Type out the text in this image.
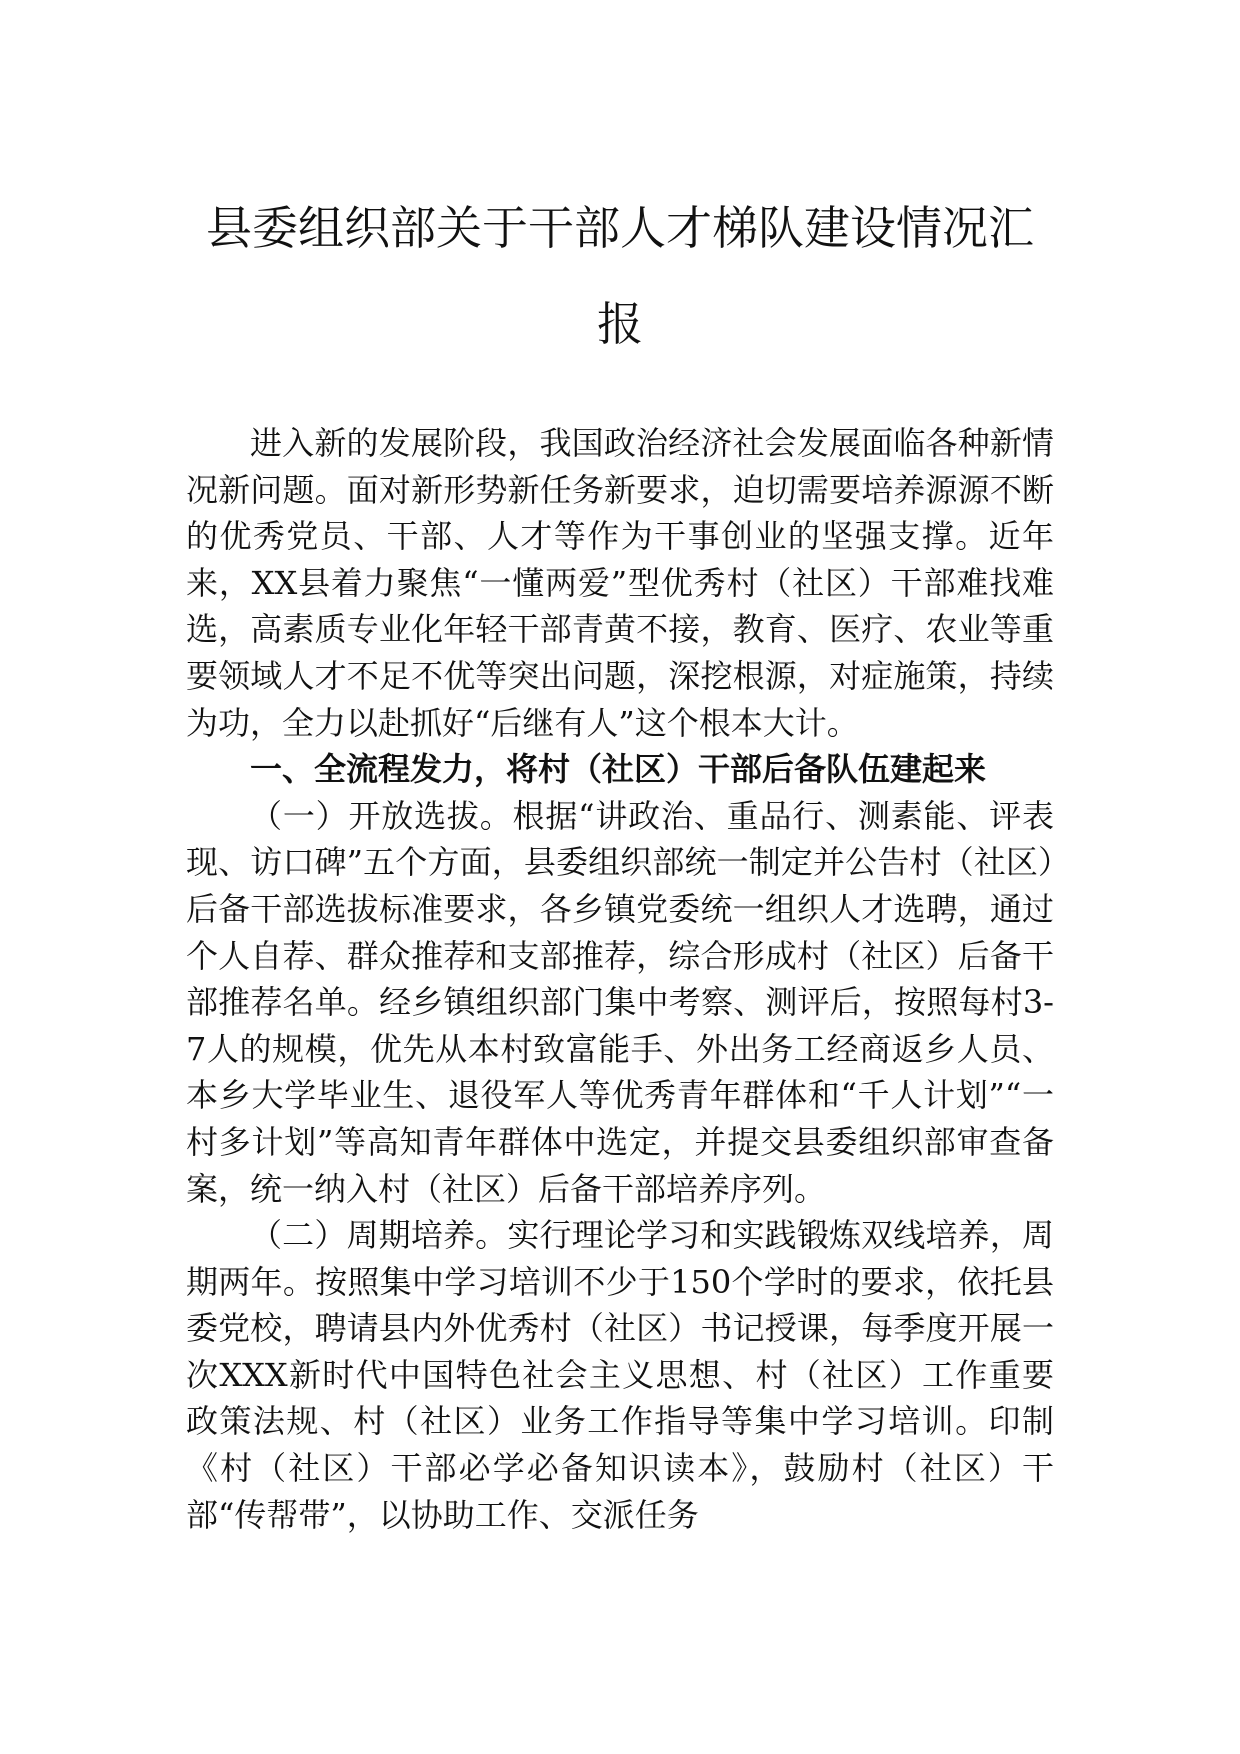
县委组织部关于干部人才梯队建设情况汇
报

进入新的发展阶段，我国政治经济社会发展面临各种新情况新问题。面对新形势新任务新要求，迫切需要培养源源不断的优秀党员、干部、人才等作为干事创业的坚强支撑。近年来，XX县着力聚焦“一懂两爱”型优秀村（社区）干部难找难选，高素质专业化年轻干部青黄不接，教育、医疗、农业等重要领域人才不足不优等突出问题，深挖根源，对症施策，持续为功，全力以赴抓好“后继有人”这个根本大计。

一、全流程发力，将村（社区）干部后备队伍建起来

（一）开放选拔。根据“讲政治、重品行、测素能、评表现、访口碑”五个方面，县委组织部统一制定并公告村（社区）后备干部选拔标准要求，各乡镇党委统一组织人才选聘，通过个人自荐、群众推荐和支部推荐，综合形成村（社区）后备干部推荐名单。经乡镇组织部门集中考察、测评后，按照每村3-7人的规模，优先从本村致富能手、外出务工经商返乡人员、本乡大学毕业生、退役军人等优秀青年群体和“千人计划”“一村多计划”等高知青年群体中选定，并提交县委组织部审查备案，统一纳入村（社区）后备干部培养序列。

（二）周期培养。实行理论学习和实践锻炼双线培养，周期两年。按照集中学习培训不少于150个学时的要求，依托县委党校，聘请县内外优秀村（社区）书记授课，每季度开展一次XXX新时代中国特色社会主义思想、村（社区）工作重要政策法规、村（社区）业务工作指导等集中学习培训。印制《村（社区）干部必学必备知识读本》，鼓励村（社区）干部“传帮带”，以协助工作、交派任务
